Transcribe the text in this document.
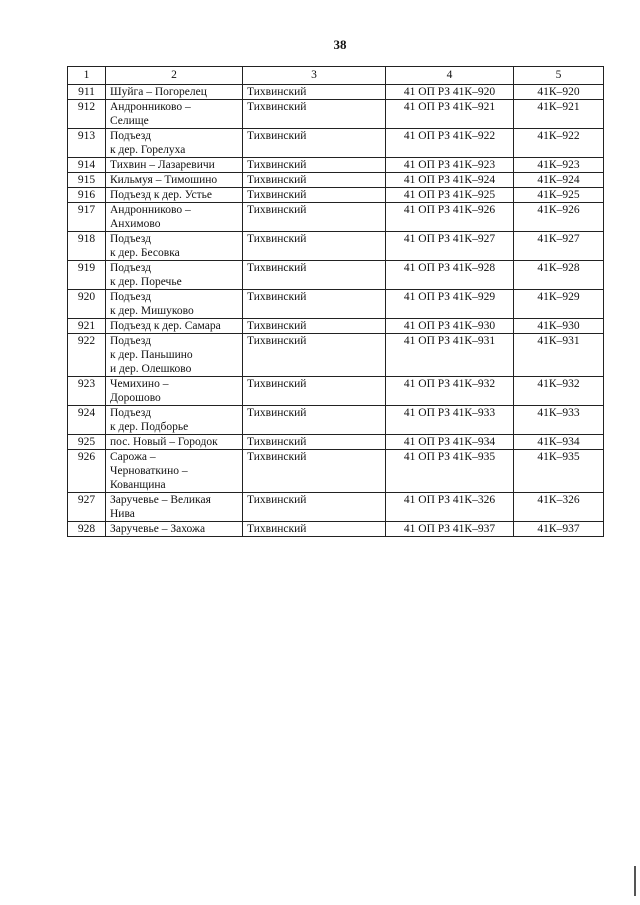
38
1	2	3	4	5
911	Шуйга – Погорелец	Тихвинский	41 ОП РЗ 41К–920	41К–920
912	Андронниково –
Селище	Тихвинский	41 ОП РЗ 41К–921	41К–921
913	Подъезд
к дер. Горелуха	Тихвинский	41 ОП РЗ 41К–922	41К–922
914	Тихвин – Лазаревичи	Тихвинский	41 ОП РЗ 41К–923	41К–923
915	Кильмуя – Тимошино	Тихвинский	41 ОП РЗ 41К–924	41К–924
916	Подъезд к дер. Устье	Тихвинский	41 ОП РЗ 41К–925	41К–925
917	Андронниково –
Анхимово	Тихвинский	41 ОП РЗ 41К–926	41К–926
918	Подъезд
к дер. Бесовка	Тихвинский	41 ОП РЗ 41К–927	41К–927
919	Подъезд
к дер. Поречье	Тихвинский	41 ОП РЗ 41К–928	41К–928
920	Подъезд
к дер. Мишуково	Тихвинский	41 ОП РЗ 41К–929	41К–929
921	Подъезд к дер. Самара	Тихвинский	41 ОП РЗ 41К–930	41К–930
922	Подъезд
к дер. Паньшино
и дер. Олешково	Тихвинский	41 ОП РЗ 41К–931	41К–931
923	Чемихино –
Дорошово	Тихвинский	41 ОП РЗ 41К–932	41К–932
924	Подъезд
к дер. Подборье	Тихвинский	41 ОП РЗ 41К–933	41К–933
925	пос. Новый – Городок	Тихвинский	41 ОП РЗ 41К–934	41К–934
926	Сарожа –
Черноваткино –
Кованщина	Тихвинский	41 ОП РЗ 41К–935	41К–935
927	Заручевье – Великая
Нива	Тихвинский	41 ОП РЗ 41К–326	41К–326
928	Заручевье – Захожа	Тихвинский	41 ОП РЗ 41К–937	41К–937
